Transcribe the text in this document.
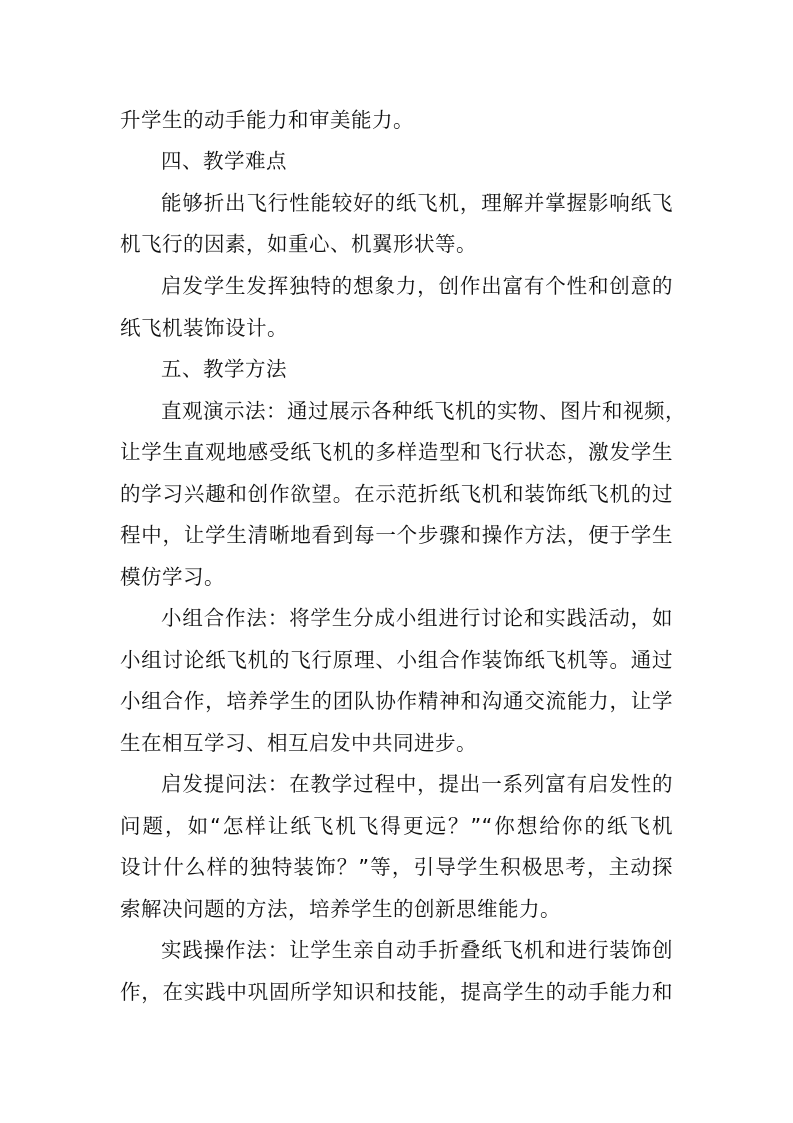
升学生的动手能力和审美能力。
四、教学难点
能够折出飞行性能较好的纸飞机，理解并掌握影响纸飞
机飞行的因素，如重心、机翼形状等。
启发学生发挥独特的想象力，创作出富有个性和创意的
纸飞机装饰设计。
五、教学方法
直观演示法：通过展示各种纸飞机的实物、图片和视频，
让学生直观地感受纸飞机的多样造型和飞行状态，激发学生
的学习兴趣和创作欲望。在示范折纸飞机和装饰纸飞机的过
程中，让学生清晰地看到每一个步骤和操作方法，便于学生
模仿学习。
小组合作法：将学生分成小组进行讨论和实践活动，如
小组讨论纸飞机的飞行原理、小组合作装饰纸飞机等。通过
小组合作，培养学生的团队协作精神和沟通交流能力，让学
生在相互学习、相互启发中共同进步。
启发提问法：在教学过程中，提出一系列富有启发性的
问题，如“怎样让纸飞机飞得更远？”“你想给你的纸飞机
设计什么样的独特装饰？”等，引导学生积极思考，主动探
索解决问题的方法，培养学生的创新思维能力。
实践操作法：让学生亲自动手折叠纸飞机和进行装饰创
作，在实践中巩固所学知识和技能，提高学生的动手能力和
